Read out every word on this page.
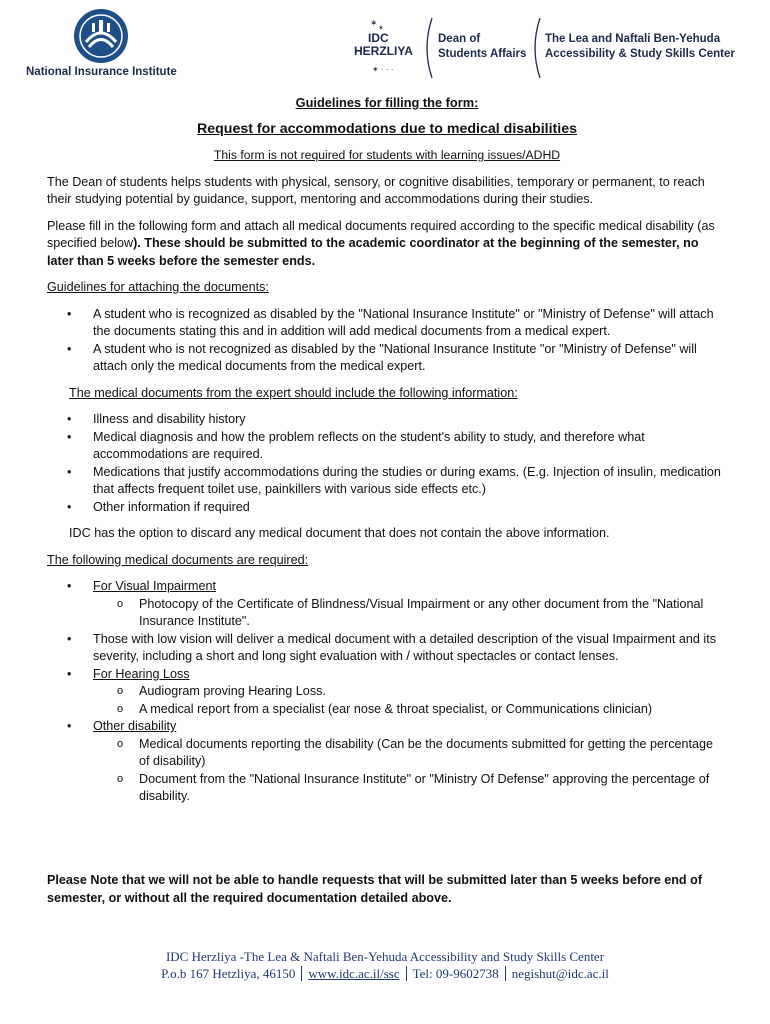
National Insurance Institute
✶
✶
✶ · · ·
IDC
HERZLIYA
Dean of
Students Affairs
The Lea and Naftali Ben-Yehuda
Accessibility & Study Skills Center
Guidelines for filling the form:
Request for accommodations due to medical disabilities
This form is not required for students with learning issues/ADHD

The Dean of students helps students with physical, sensory, or cognitive disabilities, temporary or permanent, to reach their studying potential by guidance, support, mentoring and accommodations during their studies.

Please fill in the following form and attach all medical documents required according to the specific medical disability (as specified below). These should be submitted to the academic coordinator at the beginning of the semester, no later than 5 weeks before the semester ends.

Guidelines for attaching the documents:

• A student who is recognized as disabled by the "National Insurance Institute" or "Ministry of Defense" will attach the documents stating this and in addition will add medical documents from a medical expert.
• A student who is not recognized as disabled by the "National Insurance Institute "or "Ministry of Defense" will attach only the medical documents from the medical expert.

The medical documents from the expert should include the following information:

• Illness and disability history
• Medical diagnosis and how the problem reflects on the student's ability to study, and therefore what accommodations are required.
• Medications that justify accommodations during the studies or during exams. (E.g. Injection of insulin, medication that affects frequent toilet use, painkillers with various side effects etc.)
• Other information if required

IDC has the option to discard any medical document that does not contain the above information.

The following medical documents are required:

• For Visual Impairment
o Photocopy of the Certificate of Blindness/Visual Impairment or any other document from the "National Insurance Institute".
• Those with low vision will deliver a medical document with a detailed description of the visual Impairment and its severity, including a short and long sight evaluation with / without spectacles or contact lenses.
• For Hearing Loss
o Audiogram proving Hearing Loss.
o A medical report from a specialist (ear nose & throat specialist, or Communications clinician)
• Other disability
o Medical documents reporting the disability (Can be the documents submitted for getting the percentage of disability)
o Document from the "National Insurance Institute" or "Ministry Of Defense" approving the percentage of disability.
Please Note that we will not be able to handle requests that will be submitted later than 5 weeks before end of semester, or without all the required documentation detailed above.
IDC Herzliya -The Lea & Naftali Ben-Yehuda Accessibility and Study Skills Center
P.o.b 167 Hetzliya, 46150 www.idc.ac.il/ssc Tel: 09-9602738 negishut@idc.ac.il
